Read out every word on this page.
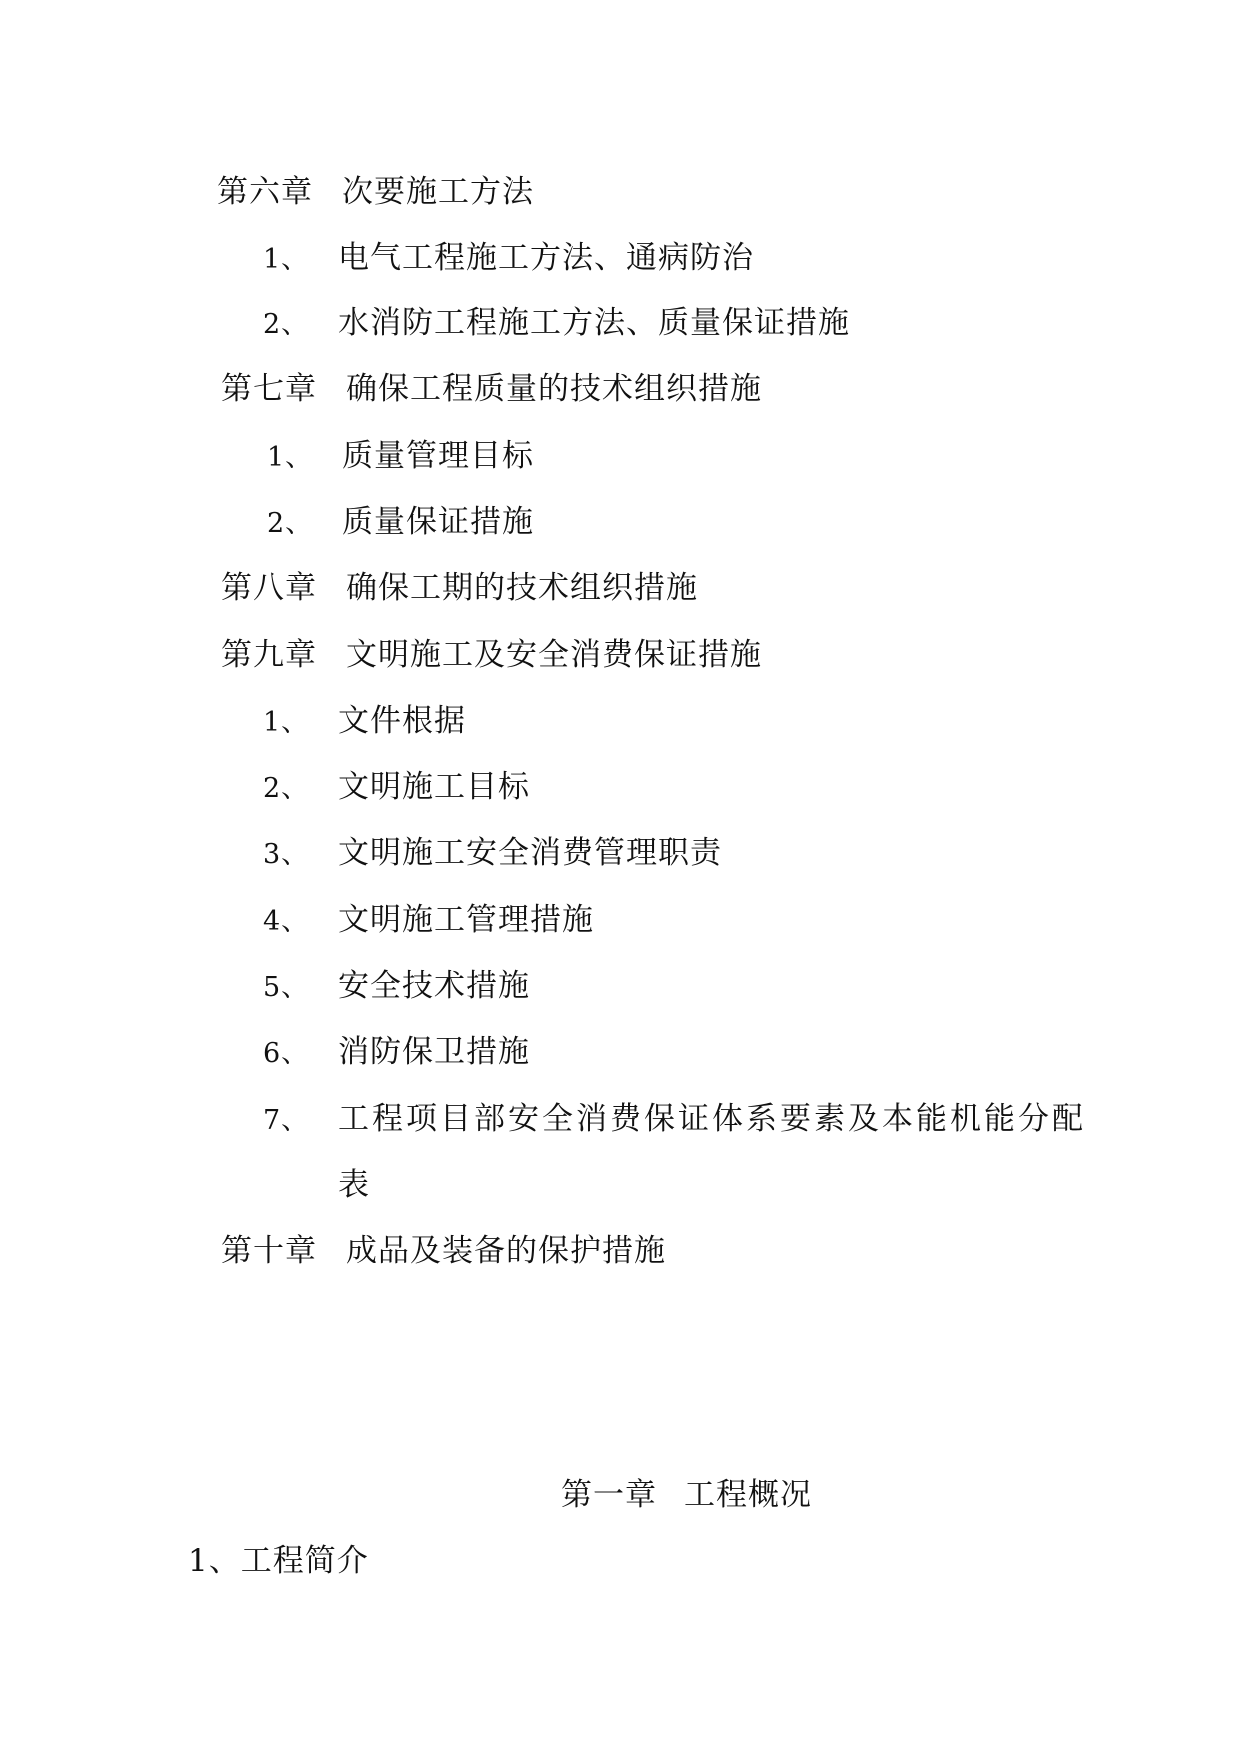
第六章 次要施工方法
1、 电气工程施工方法、通病防治
2、 水消防工程施工方法、质量保证措施
第七章 确保工程质量的技术组织措施
1、 质量管理目标
2、 质量保证措施
第八章 确保工期的技术组织措施
第九章 文明施工及安全消费保证措施
1、 文件根据
2、 文明施工目标
3、 文明施工安全消费管理职责
4、 文明施工管理措施
5、 安全技术措施
6、 消防保卫措施
7、 工程项目部安全消费保证体系要素及本能机能分配
表
第十章 成品及装备的保护措施
第一章 工程概况
1、工程简介
